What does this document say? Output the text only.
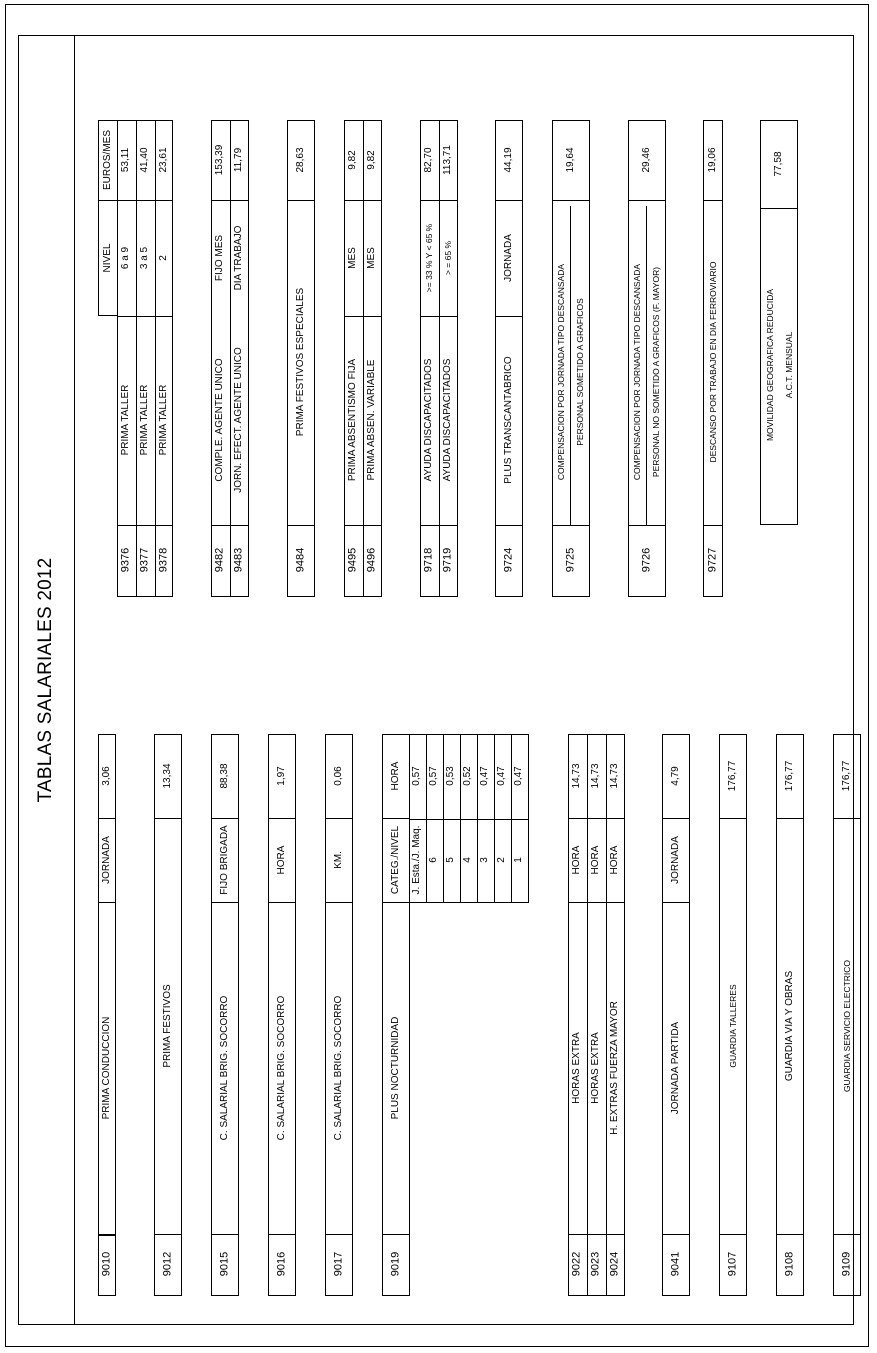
TABLAS SALARIALES 2012
9010
PRIMA CONDUCCION
JORNADA
3,06
9012
PRIMA FESTIVOS
13,34
9015
C. SALARIAL BRIG. SOCORRO
FIJO BRIGADA
88,38
9016
C. SALARIAL BRIG. SOCORRO
HORA
1,97
9017
C. SALARIAL BRIG. SOCORRO
KM.
0,06
9019
PLUS NOCTURNIDAD
CATEG./NIVEL
HORA
J. Esta./J. Maq.
0,57
6
0,57
5
0,53
4
0,52
3
0,47
2
0,47
1
0,47
9022
HORAS EXTRA
HORA
14,73
9023
HORAS EXTRA
HORA
14,73
9024
H. EXTRAS FUERZA MAYOR
HORA
14,73
9041
JORNADA PARTIDA
JORNADA
4,79
9107
GUARDIA TALLERES
176,77
9108
GUARDIA VIA Y OBRAS
176,77
9109
GUARDIA SERVICIO ELECTRICO
176,77
NIVEL
EUROS/MES
9376
PRIMA TALLER
6 a 9
53,11
9377
PRIMA TALLER
3 a 5
41,40
9378
PRIMA TALLER
2
23,61
9482
COMPLE. AGENTE UNICO
FIJO MES
153,39
9483
JORN. EFECT. AGENTE UNICO
DIA TRABAJO
11,79
9484
PRIMA FESTIVOS ESPECIALES
28,63
9495
PRIMA ABSENTISMO FIJA
MES
9,82
9496
PRIMA ABSEN. VARIABLE
MES
9,82
9718
AYUDA DISCAPACITADOS
>= 33 % Y < 65 %
82,70
9719
AYUDA DISCAPACITADOS
> = 65 %
113,71
9724
PLUS TRANSCANTABRICO
JORNADA
44,19
9725
COMPENSACION POR JORNADA TIPO DESCANSADA PERSONAL SOMETIDO A GRAFICOS
19,64
9726
COMPENSACION POR JORNADA TIPO DESCANSADA PERSONAL NO SOMETIDO A GRAFICOS (F. MAYOR)
29,46
9727
DESCANSO POR TRABAJO EN DIA FERROVIARIO
19,06
MOVILIDAD GEOGRAFICA REDUCIDA A.C.T. MENSUAL
77,58
